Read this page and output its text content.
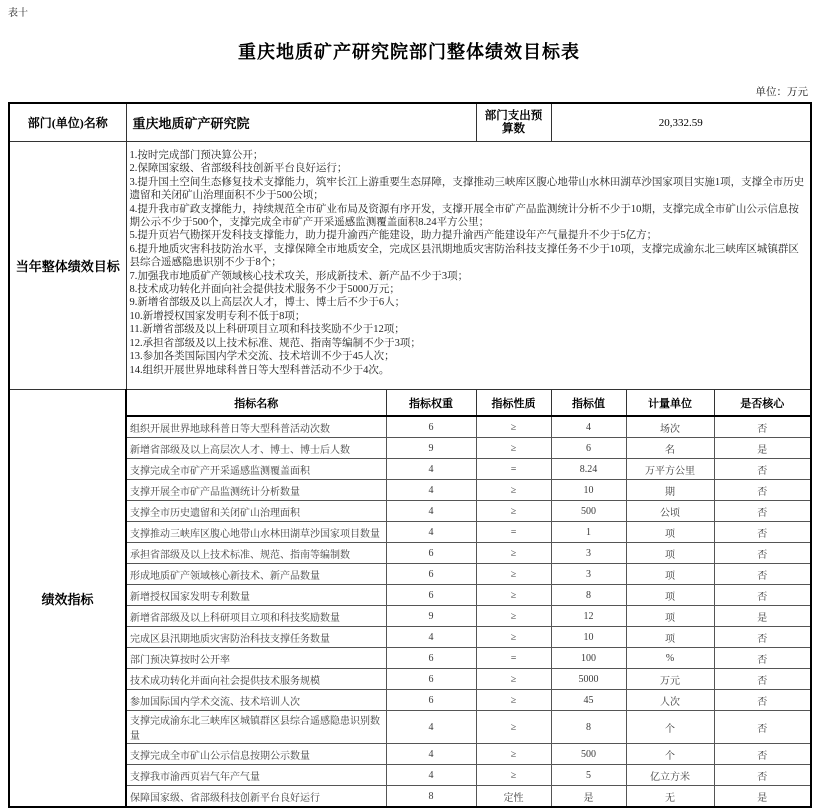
表十
重庆地质矿产研究院部门整体绩效目标表
单位：万元
部门(单位)名称	重庆地质矿产研究院		部门支出预算数	20,332.59		
当年整体绩效目标	
1.按时完成部门预决算公开；
2.保障国家级、省部级科技创新平台良好运行；
3.提升国土空间生态修复技术支撑能力，筑牢长江上游重要生态屏障，支撑推动三峡库区腹心地带山水林田湖草沙国家项目实施1项，支撑全市历史遗留和关闭矿山治理面积不少于500公顷；
4.提升我市矿政支撑能力，持续规范全市矿业布局及资源有序开发，支撑开展全市矿产品监测统计分析不少于10期，支撑完成全市矿山公示信息按期公示不少于500个，支撑完成全市矿产开采遥感监测覆盖面积8.24平方公里；
5.提升页岩气勘探开发科技支撑能力，助力提升渝西产能建设，助力提升渝西产能建设年产气量提升不少于5亿方；
6.提升地质灾害科技防治水平，支撑保障全市地质安全，完成区县汛期地质灾害防治科技支撑任务不少于10项，支撑完成渝东北三峡库区城镇群区县综合遥感隐患识别不少于8个；
7.加强我市地质矿产领域核心技术攻关，形成新技术、新产品不少于3项；
8.技术成功转化并面向社会提供技术服务不少于5000万元；
9.新增省部级及以上高层次人才，博士、博士后不少于6人；
10.新增授权国家发明专利不低于8项；
11.新增省部级及以上科研项目立项和科技奖励不少于12项；
12.承担省部级及以上技术标准、规范、指南等编制不少于3项；
13.参加各类国际国内学术交流、技术培训不少于45人次；
14.组织开展世界地球科普日等大型科普活动不少于4次。

绩效指标	指标名称	指标权重	指标性质	指标值	计量单位	是否核心
	组织开展世界地球科普日等大型科普活动次数	6	≥	4	场次	否
	新增省部级及以上高层次人才、博士、博士后人数	9	≥	6	名	是
	支撑完成全市矿产开采遥感监测覆盖面积	4	=	8.24	万平方公里	否
	支撑开展全市矿产品监测统计分析数量	4	≥	10	期	否
	支撑全市历史遗留和关闭矿山治理面积	4	≥	500	公顷	否
	支撑推动三峡库区腹心地带山水林田湖草沙国家项目数量	4	=	1	项	否
	承担省部级及以上技术标准、规范、指南等编制数	6	≥	3	项	否
	形成地质矿产领域核心新技术、新产品数量	6	≥	3	项	否
	新增授权国家发明专利数量	6	≥	8	项	否
	新增省部级及以上科研项目立项和科技奖励数量	9	≥	12	项	是
	完成区县汛期地质灾害防治科技支撑任务数量	4	≥	10	项	否
	部门预决算按时公开率	6	=	100	%	否
	技术成功转化并面向社会提供技术服务规模	6	≥	5000	万元	否
	参加国际国内学术交流、技术培训人次	6	≥	45	人次	否
	支撑完成渝东北三峡库区城镇群区县综合遥感隐患识别数量	4	≥	8	个	否
	支撑完成全市矿山公示信息按期公示数量	4	≥	500	个	否
	支撑我市渝西页岩气年产气量	4	≥	5	亿立方米	否
	保障国家级、省部级科技创新平台良好运行	8	定性	是	无	是
